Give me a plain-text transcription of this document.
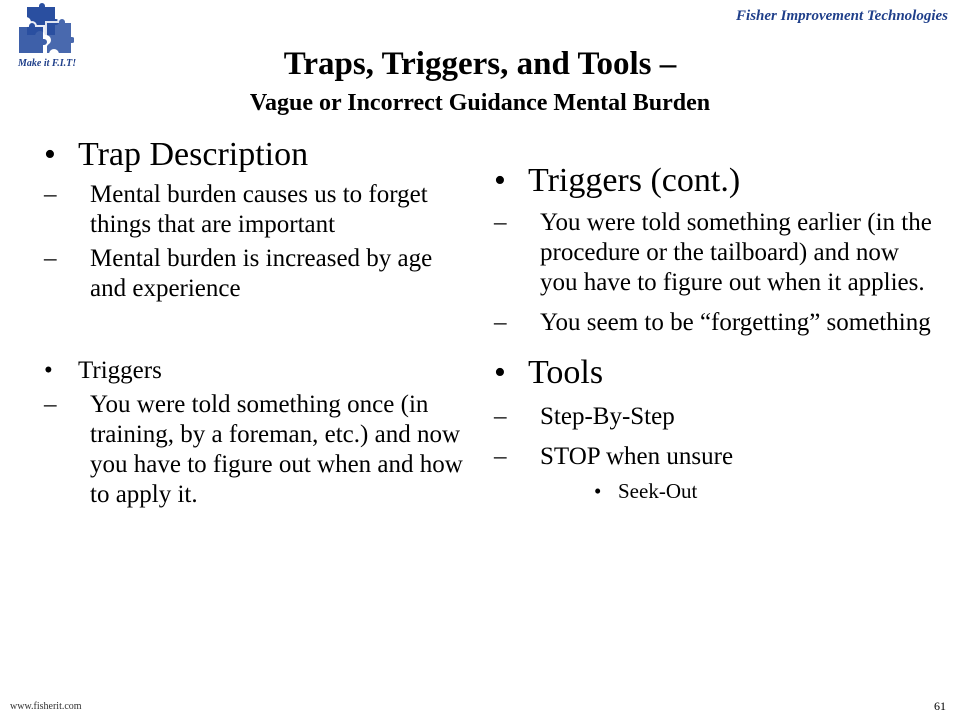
Make it F.I.T!
Fisher Improvement Technologies
Traps, Triggers, and Tools –
Vague or Incorrect Guidance Mental Burden
• Trap Description
– Mental burden causes us to forget things that are important
– Mental burden is increased by age and experience
• Triggers
– You were told something once (in training, by a foreman, etc.) and now you have to figure out when and how to apply it.
• Triggers (cont.)
– You were told something earlier (in the procedure or the tailboard) and now you have to figure out when it applies.
– You seem to be “forgetting” something
• Tools
– Step-By-Step
– STOP when unsure
• Seek-Out
www.fisherit.com	61
